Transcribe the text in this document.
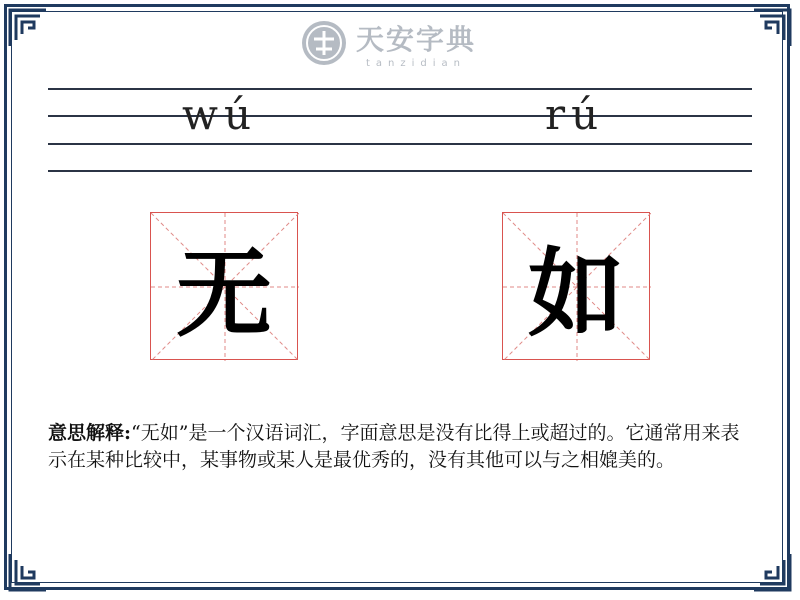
天安字典
tanzidian
wú	rú
无	如
意思解释:“无如”是一个汉语词汇，字面意思是没有比得上或超过的。它通常用来表示在某种比较中，某事物或某人是最优秀的，没有其他可以与之相媲美的。
